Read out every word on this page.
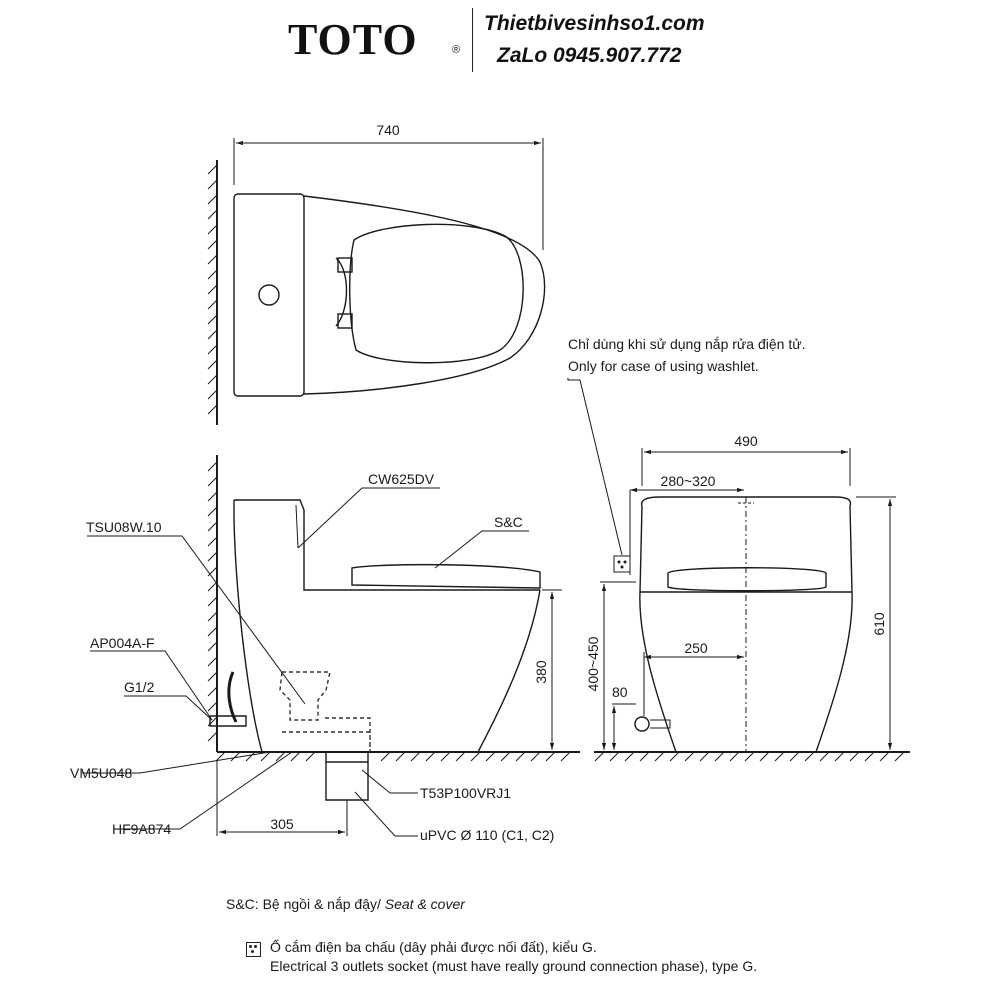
TOTO	®
Thietbivesinhso1.com
ZaLo 0945.907.772
740
CW625DV
S&C
TSU08W.10
AP004A-F
G1/2
VM5U048
HF9A874
T53P100VRJ1
uPVC Ø 110 (C1, C2)
305
380
490
280~320
250
80
610
400~450
Chỉ dùng khi sử dụng nắp rửa điện tử.
Only for case of using washlet.
S&C: Bệ ngồi & nắp đậy/ Seat & cover
Ổ cắm điện ba chấu (dây phải được nối đất), kiểu G.
Electrical 3 outlets socket (must have really ground connection phase), type G.
